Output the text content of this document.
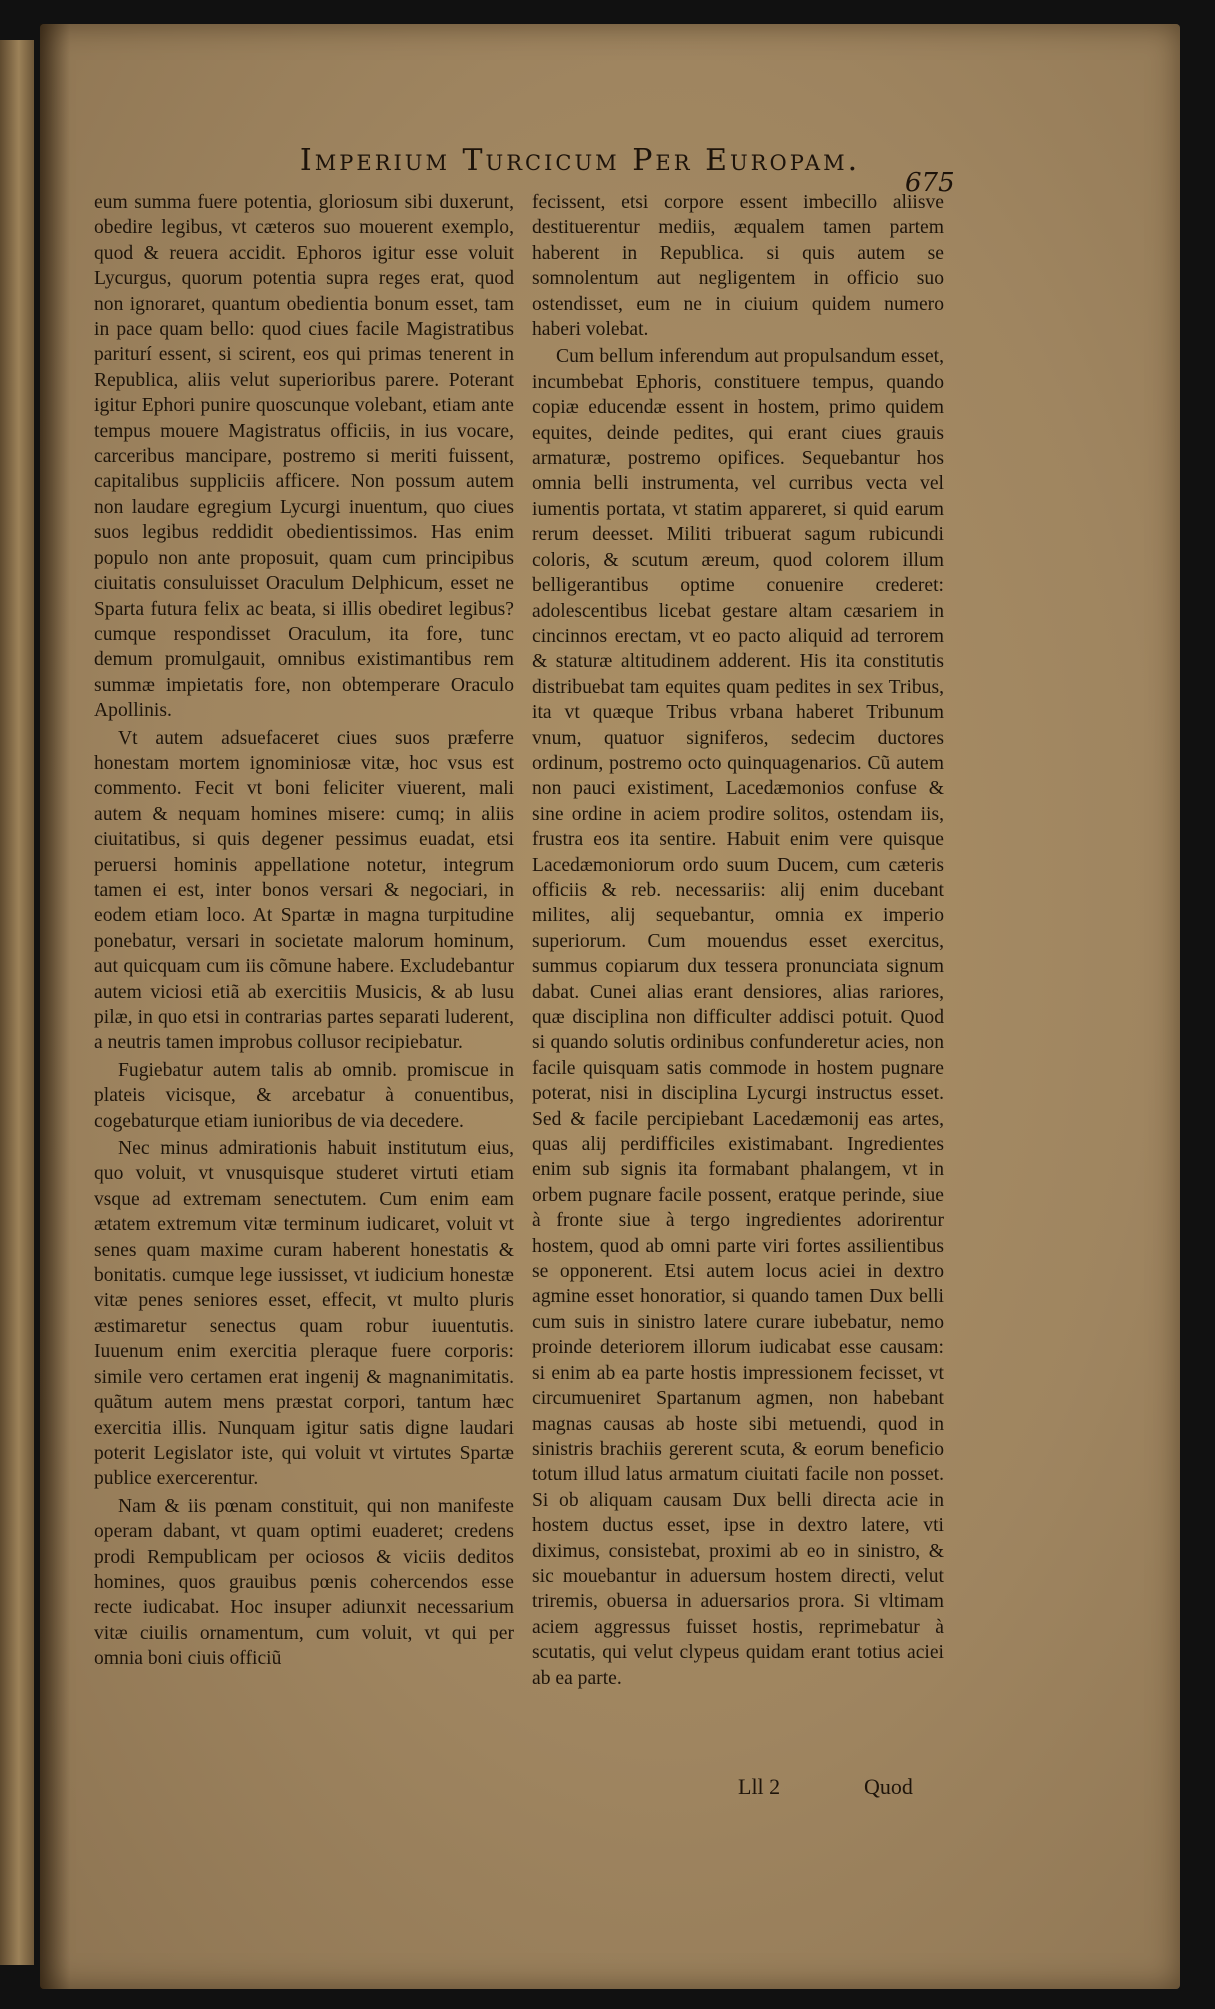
Imperium Turcicum Per Europam.
675

eum summa fuere potentia, gloriosum sibi duxerunt, obedire legibus, vt cæteros suo mouerent exemplo, quod & reuera accidit. Ephoros igitur esse voluit Lycurgus, quorum potentia supra reges erat, quod non ignoraret, quantum obedientia bonum esset, tam in pace quam bello: quod ciues facile Magistratibus pariturí essent, si scirent, eos qui primas tenerent in Republica, aliis velut superioribus parere. Poterant igitur Ephori punire quoscunque volebant, etiam ante tempus mouere Magistratus officiis, in ius vocare, carceribus mancipare, postremo si meriti fuissent, capitalibus suppliciis afficere. Non possum autem non laudare egregium Lycurgi inuentum, quo ciues suos legibus reddidit obedientissimos. Has enim populo non ante proposuit, quam cum principibus ciuitatis consuluisset Oraculum Delphicum, esset ne Sparta futura felix ac beata, si illis obediret legibus? cumque respondisset Oraculum, ita fore, tunc demum promulgauit, omnibus existimantibus rem summæ impietatis fore, non obtemperare Oraculo Apollinis.

Vt autem adsuefaceret ciues suos præferre honestam mortem ignominiosæ vitæ, hoc vsus est commento. Fecit vt boni feliciter viuerent, mali autem & nequam homines misere: cumq; in aliis ciuitatibus, si quis degener pessimus euadat, etsi peruersi hominis appellatione notetur, integrum tamen ei est, inter bonos versari & negociari, in eodem etiam loco. At Spartæ in magna turpitudine ponebatur, versari in societate malorum hominum, aut quicquam cum iis cõmune habere. Excludebantur autem viciosi etiã ab exercitiis Musicis, & ab lusu pilæ, in quo etsi in contrarias partes separati luderent, a neutris tamen improbus collusor recipiebatur.

Fugiebatur autem talis ab omnib. promiscue in plateis vicisque, & arcebatur à conuentibus, cogebaturque etiam iunioribus de via decedere.

Nec minus admirationis habuit institutum eius, quo voluit, vt vnusquisque studeret virtuti etiam vsque ad extremam senectutem. Cum enim eam ætatem extremum vitæ terminum iudicaret, voluit vt senes quam maxime curam haberent honestatis & bonitatis. cumque lege iussisset, vt iudicium honestæ vitæ penes seniores esset, effecit, vt multo pluris æstimaretur senectus quam robur iuuentutis. Iuuenum enim exercitia pleraque fuere corporis: simile vero certamen erat ingenij & magnanimitatis. quãtum autem mens præstat corpori, tantum hæc exercitia illis. Nunquam igitur satis digne laudari poterit Legislator iste, qui voluit vt virtutes Spartæ publice exercerentur.

Nam & iis pœnam constituit, qui non manifeste operam dabant, vt quam optimi euaderet; credens prodi Rempublicam per ociosos & viciis deditos homines, quos grauibus pœnis cohercendos esse recte iudicabat. Hoc insuper adiunxit necessarium vitæ ciuilis ornamentum, cum voluit, vt qui per omnia boni ciuis officiũ

fecissent, etsi corpore essent imbecillo aliisve destituerentur mediis, æqualem tamen partem haberent in Republica. si quis autem se somnolentum aut negligentem in officio suo ostendisset, eum ne in ciuium quidem numero haberi volebat.

Cum bellum inferendum aut propulsandum esset, incumbebat Ephoris, constituere tempus, quando copiæ educendæ essent in hostem, primo quidem equites, deinde pedites, qui erant ciues grauis armaturæ, postremo opifices. Sequebantur hos omnia belli instrumenta, vel curribus vecta vel iumentis portata, vt statim appareret, si quid earum rerum deesset. Militi tribuerat sagum rubicundi coloris, & scutum æreum, quod colorem illum belligerantibus optime conuenire crederet: adolescentibus licebat gestare altam cæsariem in cincinnos erectam, vt eo pacto aliquid ad terrorem & staturæ altitudinem adderent. His ita constitutis distribuebat tam equites quam pedites in sex Tribus, ita vt quæque Tribus vrbana haberet Tribunum vnum, quatuor signiferos, sedecim ductores ordinum, postremo octo quinquagenarios. Cũ autem non pauci existiment, Lacedæmonios confuse & sine ordine in aciem prodire solitos, ostendam iis, frustra eos ita sentire. Habuit enim vere quisque Lacedæmoniorum ordo suum Ducem, cum cæteris officiis & reb. necessariis: alij enim ducebant milites, alij sequebantur, omnia ex imperio superiorum. Cum mouendus esset exercitus, summus copiarum dux tessera pronunciata signum dabat. Cunei alias erant densiores, alias rariores, quæ disciplina non difficulter addisci potuit. Quod si quando solutis ordinibus confunderetur acies, non facile quisquam satis commode in hostem pugnare poterat, nisi in disciplina Lycurgi instructus esset. Sed & facile percipiebant Lacedæmonij eas artes, quas alij perdifficiles existimabant. Ingredientes enim sub signis ita formabant phalangem, vt in orbem pugnare facile possent, eratque perinde, siue à fronte siue à tergo ingredientes adorirentur hostem, quod ab omni parte viri fortes assilientibus se opponerent. Etsi autem locus aciei in dextro agmine esset honoratior, si quando tamen Dux belli cum suis in sinistro latere curare iubebatur, nemo proinde deteriorem illorum iudicabat esse causam: si enim ab ea parte hostis impressionem fecisset, vt circumueniret Spartanum agmen, non habebant magnas causas ab hoste sibi metuendi, quod in sinistris brachiis gererent scuta, & eorum beneficio totum illud latus armatum ciuitati facile non posset. Si ob aliquam causam Dux belli directa acie in hostem ductus esset, ipse in dextro latere, vti diximus, consistebat, proximi ab eo in sinistro, & sic mouebantur in aduersum hostem directi, velut triremis, obuersa in aduersarios prora. Si vltimam aciem aggressus fuisset hostis, reprimebatur à scutatis, qui velut clypeus quidam erant totius aciei ab ea parte.

Lll 2	Quod
